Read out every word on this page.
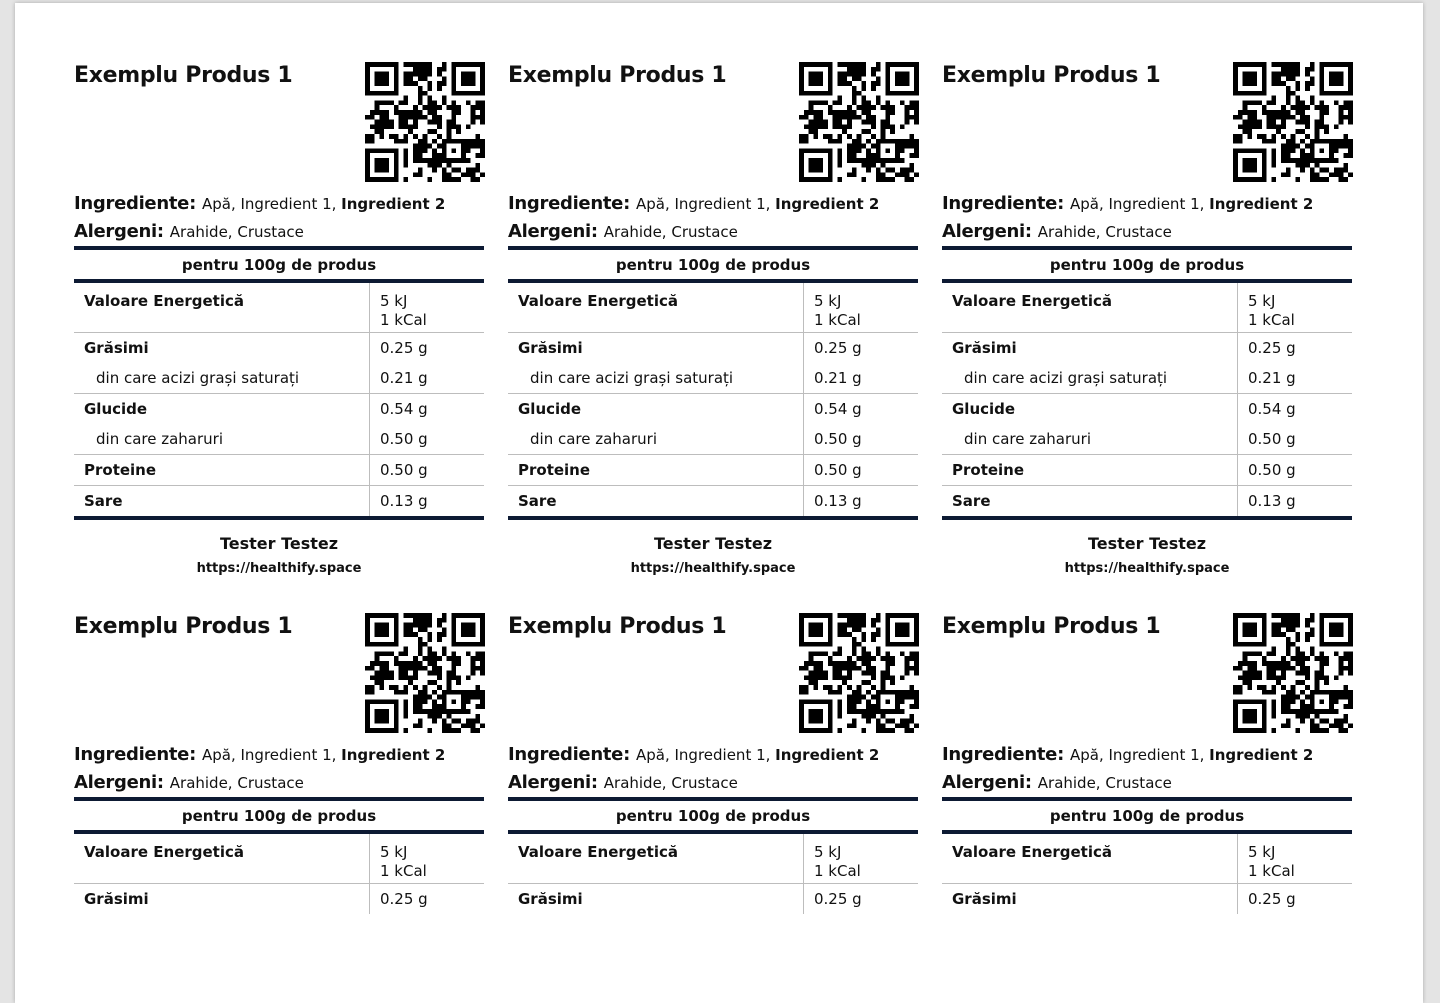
Exemplu Produs 1
Ingrediente: Apă, Ingredient 1, Ingredient 2
Alergeni: Arahide, Crustace
pentru 100g de produs	
Valoare Energetică	5 kJ
1 kCal

Grăsimi	0.25 g
din care acizi grași saturați	0.21 g
Glucide	0.54 g
din care zaharuri	0.50 g
Proteine	0.50 g
Sare	0.13 g
Tester Testez
https://healthify.space
Exemplu Produs 1
Ingrediente: Apă, Ingredient 1, Ingredient 2
Alergeni: Arahide, Crustace
pentru 100g de produs	
Valoare Energetică	5 kJ
1 kCal

Grăsimi	0.25 g
din care acizi grași saturați	0.21 g
Glucide	0.54 g
din care zaharuri	0.50 g
Proteine	0.50 g
Sare	0.13 g
Tester Testez
https://healthify.space
Exemplu Produs 1
Ingrediente: Apă, Ingredient 1, Ingredient 2
Alergeni: Arahide, Crustace
pentru 100g de produs	
Valoare Energetică	5 kJ
1 kCal

Grăsimi	0.25 g
din care acizi grași saturați	0.21 g
Glucide	0.54 g
din care zaharuri	0.50 g
Proteine	0.50 g
Sare	0.13 g
Tester Testez
https://healthify.space
Exemplu Produs 1
Ingrediente: Apă, Ingredient 1, Ingredient 2
Alergeni: Arahide, Crustace
pentru 100g de produs	
Valoare Energetică	5 kJ
1 kCal

Grăsimi	0.25 g
Exemplu Produs 1
Ingrediente: Apă, Ingredient 1, Ingredient 2
Alergeni: Arahide, Crustace
pentru 100g de produs	
Valoare Energetică	5 kJ
1 kCal

Grăsimi	0.25 g
Exemplu Produs 1
Ingrediente: Apă, Ingredient 1, Ingredient 2
Alergeni: Arahide, Crustace
pentru 100g de produs	
Valoare Energetică	5 kJ
1 kCal

Grăsimi	0.25 g
